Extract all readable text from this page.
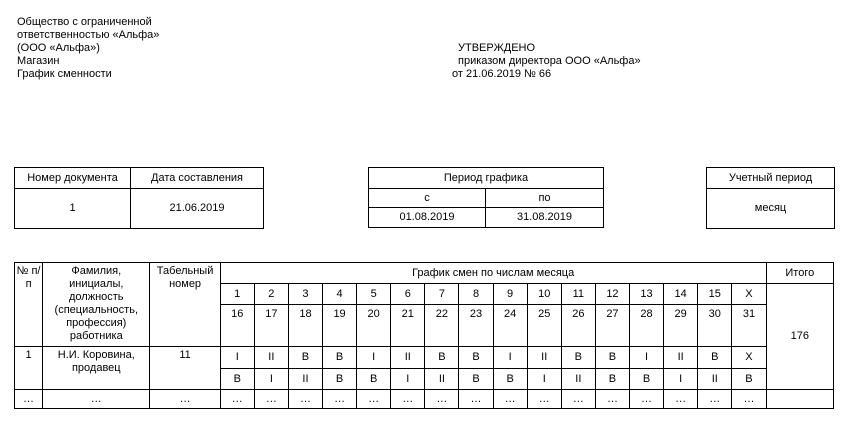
Общество с ограниченной
ответственностью «Альфа»
(ООО «Альфа»)
Магазин
График сменности
УТВЕРЖДЕНО
приказом директора ООО «Альфа»
от 21.06.2019 № 66
Номер документа	Дата составления
1	21.06.2019
Период графика	
с	по
01.08.2019	31.08.2019
Учетный период
месяц
№ п/п	Фамилия, инициалы, должность (специальность, профессия) работника	Табельный номер	График смен по числам месяца																Итого
			1	2	3	4	5	6	7	8	9	10	11	12	13	14	15	X	176
			16	17	18	19	20	21	22	23	24	25	26	27	28	29	30	31	
1	Н.И. Коровина, продавец	11	I	II	В	В	I	II	В	В	I	II	В	В	I	II	В	X	
			В	I	II	В	В	I	II	В	В	I	II	В	В	I	II	В	
…	…	…	…	…	…	…	…	…	…	…	…	…	…	…	…	…	…	…	
